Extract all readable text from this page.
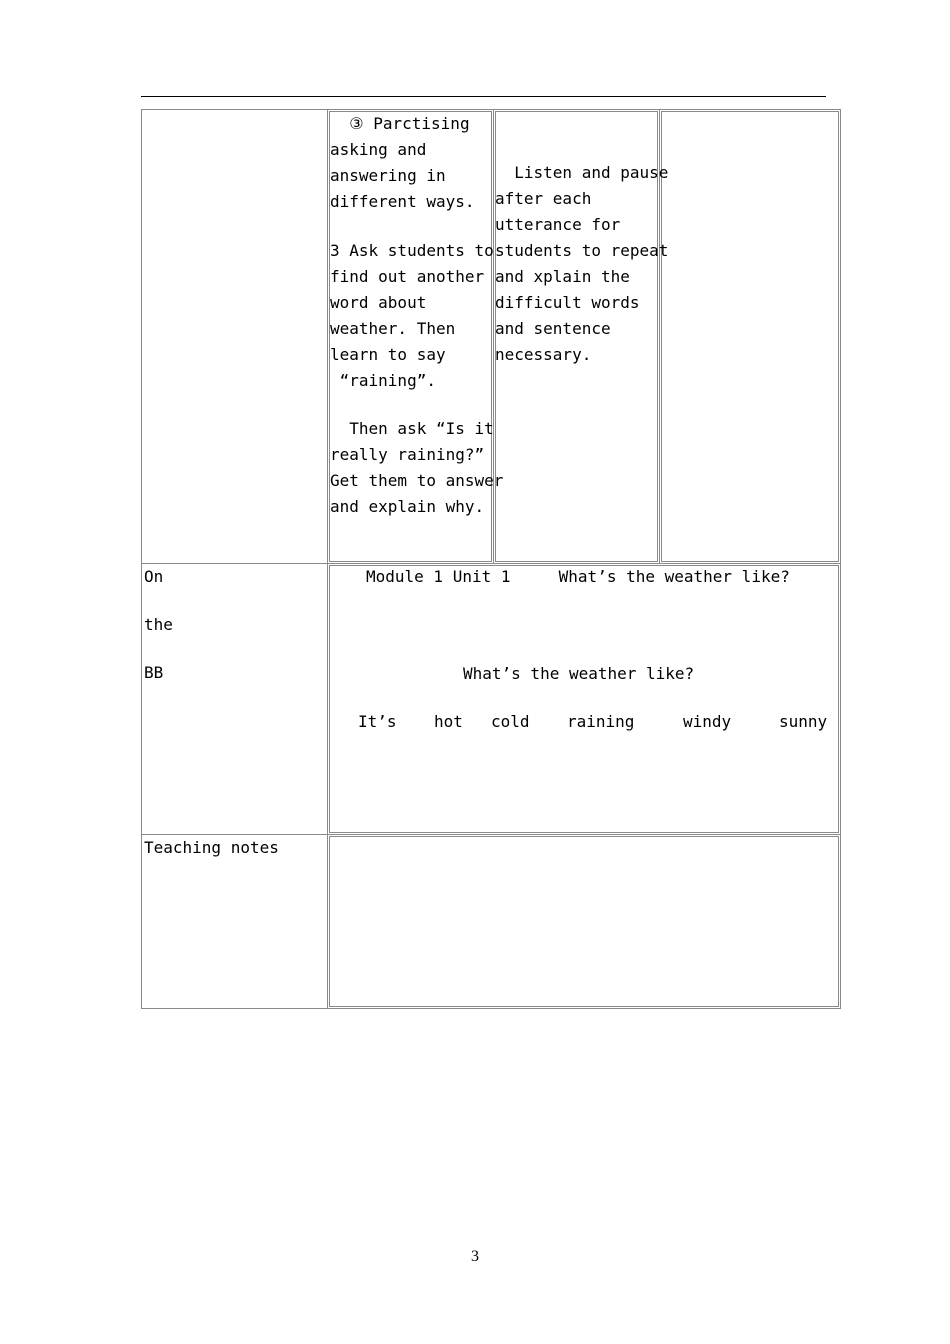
③ Parctising
asking and
answering in
different ways.
3 Ask students to
find out another
word about
weather. Then
learn to say
“raining”.
Then ask “Is it
really raining?”
Get them to answer
and explain why.
Listen and pause
after each
utterance for
students to repeat
and xplain the
difficult words
and sentence
necessary.
On
the
BB
Module 1 Unit 1     What’s the weather like?
What’s the weather like?
It’s hot cold raining	windy	sunny
Teaching notes
3
